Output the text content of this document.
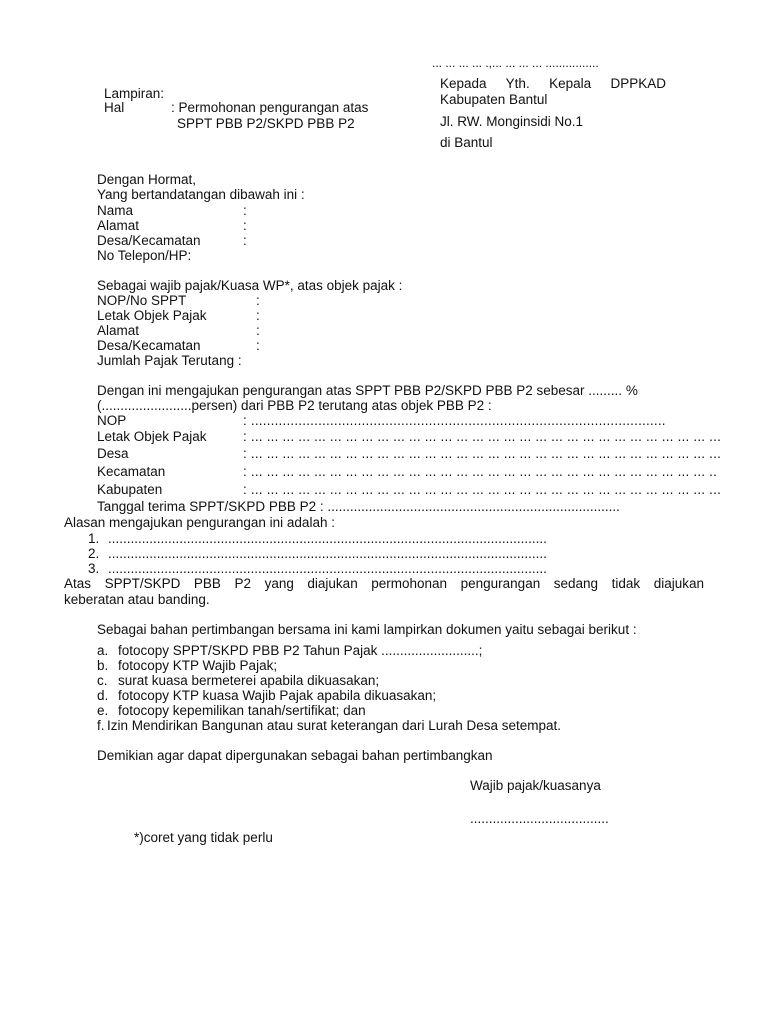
... ... ... ... .,... ... ... ... ................
Lampiran:
Hal	: Permohonan pengurangan atas
SPPT PBB P2/SKPD PBB P2
Kepada Yth. Kepala DPPKAD
Kabupaten Bantul
Jl. RW. Monginsidi No.1
di Bantul
Dengan Hormat,
Yang bertandatangan dibawah ini :
Nama	:
Alamat	:
Desa/Kecamatan	:
No Telepon/HP:
Sebagai wajib pajak/Kuasa WP*, atas objek pajak :
NOP/No SPPT	:
Letak Objek Pajak	:
Alamat	:
Desa/Kecamatan	:
Jumlah Pajak Terutang :
Dengan ini mengajukan pengurangan atas SPPT PBB P2/SKPD PBB P2 sebesar ......... %
(........................persen) dari PBB P2 terutang atas objek PBB P2 :
NOP	: .........................................................................................................
Letak Objek Pajak	: ... ... ... ... ... ... ... ... ... ... ... ... ... ... ... ... ... ... ... ... ... ... ... ... ... ... ... ... ... ...
Desa	: ... ... ... ... ... ... ... ... ... ... ... ... ... ... ... ... ... ... ... ... ... ... ... ... ... ... ... ... ... ...
Kecamatan	: ... ... ... ... ... ... ... ... ... ... ... ... ... ... ... ... ... ... ... ... ... ... ... ... ... ... ... ... ... ..
Kabupaten	: ... ... ... ... ... ... ... ... ... ... ... ... ... ... ... ... ... ... ... ... ... ... ... ... ... ... ... ... ... ...
Tanggal terima SPPT/SKPD PBB P2 : ..............................................................................
Alasan mengajukan pengurangan ini adalah :
1. .....................................................................................................................
2. .....................................................................................................................
3. .....................................................................................................................
Atas SPPT/SKPD PBB P2 yang diajukan permohonan pengurangan sedang tidak diajukan
keberatan atau banding.
Sebagai bahan pertimbangan bersama ini kami lampirkan dokumen yaitu sebagai berikut :
a. fotocopy SPPT/SKPD PBB P2 Tahun Pajak ..........................;
b. fotocopy KTP Wajib Pajak;
c. surat kuasa bermeterei apabila dikuasakan;
d. fotocopy KTP kuasa Wajib Pajak apabila dikuasakan;
e. fotocopy kepemilikan tanah/sertifikat; dan
f. Izin Mendirikan Bangunan atau surat keterangan dari Lurah Desa setempat.
Demikian agar dapat dipergunakan sebagai bahan pertimbangkan
Wajib pajak/kuasanya
.....................................
*)coret yang tidak perlu
